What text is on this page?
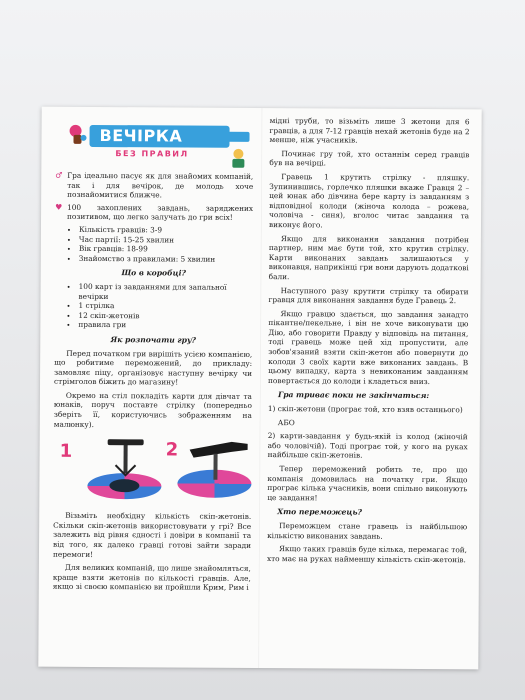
ВЕЧІРКА
БЕЗ ПРАВИЛ
♂ Гра ідеально пасує як для знайомих компаній, так і для вечірок, де молодь хоче познайомитися ближче.
♥ 100 захоплених завдань, заряджених позитивом, що легко залучать до гри всіх!
• Кількість гравців: 3-9
• Час партії: 15-25 хвилин
• Вік гравців: 18-99
• Знайомство з правилами: 5 хвилин
Що в коробці?
• 100 карт із завданнями для запальної вечірки
• 1 стрілка
• 12 скіп-жетонів
• правила гри
Як розпочати гру?

Перед початком гри вирішіть усією компанією, що робитиме переможений, до прикладу: замовляє піцу, організовує наступну вечірку чи стрімголов біжить до магазину!

Окремо на стіл покладіть карти для дівчат та юнаків, поруч поставте стрілку (попередньо зберіть її, користуючись зображенням на малюнку).

1	2

Візьміть необхідну кількість скіп-жетонів. Скільки скіп-жетонів використовувати у грі? Все залежить від рівня єдності і довіри в компанії та від того, як далеко гравці готові зайти заради перемоги!

Для великих компаній, що лише знайомляться, краще взяти жетонів по кількості гравців. Але, якщо зі своєю компанією ви пройшли Крим, Рим і

мідні труби, то візьміть лише 3 жетони для 6 гравців, а для 7-12 гравців нехай жетонів буде на 2 менше, ніж учасників.

Починає гру той, хто останнім серед гравців був на вечірці.

Гравець 1 крутить стрілку - пляшку. Зупинившись, горлечко пляшки вкаже Гравця 2 – цей юнак або дівчина бере карту із завданням з відповідної колоди (жіноча колода – рожева, чоловіча - синя), вголос читає завдання та виконує його.

Якщо для виконання завдання потрібен партнер, ним має бути той, хто крутив стрілку. Карти виконаних завдань залишаються у виконавця, наприкінці гри вони дарують додаткові бали.

Наступного разу крутити стрілку та обирати гравця для виконання завдання буде Гравець 2.

Якщо гравцю здається, що завдання занадто пікантне/пекельне, і він не хоче виконувати цю Дію, або говорити Правду у відповідь на питання, тоді гравець може цей хід пропустити, але зобов'язаний взяти скіп-жетон або повернути до колоди 3 своїх карти вже виконаних завдань. В цьому випадку, карта з невиконаним завданням повертається до колоди і кладеться вниз.

Гра триває поки не закінчаться:

1) скіп-жетони (програє той, хто взяв останнього)

АБО

2) карти-завдання у будь-якій із колод (жіночій або чоловічій). Тоді програє той, у кого на руках найбільше скіп-жетонів.

Тепер переможений робить те, про що компанія домовилась на початку гри. Якщо програє кілька учасників, вони спільно виконують це завдання!

Хто переможець?

Переможцем стане гравець із найбільшою кількістю виконаних завдань.

Якщо таких гравців буде кілька, перемагає той, хто має на руках найменшу кількість скіп-жетонів.
